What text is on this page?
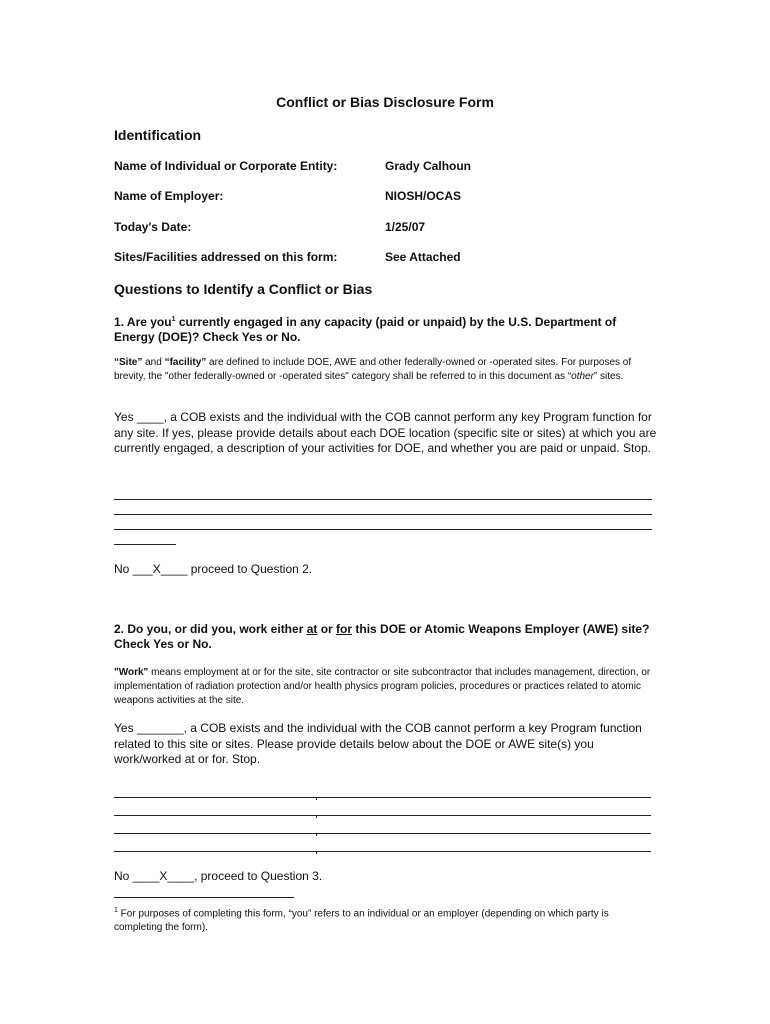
Conflict or Bias Disclosure Form
Identification
Name of Individual or Corporate Entity:	Grady Calhoun
Name of Employer:	NIOSH/OCAS
Today's Date:	1/25/07
Sites/Facilities addressed on this form:	See Attached
Questions to Identify a Conflict or Bias
1. Are you$^1$ currently engaged in any capacity (paid or unpaid) by the U.S. Department of Energy (DOE)? Check Yes or No.
“Site” and “facility” are defined to include DOE, AWE and other federally-owned or -operated sites. For purposes of brevity, the "other federally-owned or -operated sites" category shall be referred to in this document as “other” sites.
Yes ____, a COB exists and the individual with the COB cannot perform any key Program function for any site. If yes, please provide details about each DOE location (specific site or sites) at which you are currently engaged, a description of your activities for DOE, and whether you are paid or unpaid. Stop.
No ___X____ proceed to Question 2.
2. Do you, or did you, work either at or for this DOE or Atomic Weapons Employer (AWE) site? Check Yes or No.
"Work" means employment at or for the site, site contractor or site subcontractor that includes management, direction, or implementation of radiation protection and/or health physics program policies, procedures or practices related to atomic weapons activities at the site.
Yes _______, a COB exists and the individual with the COB cannot perform a key Program function related to this site or sites. Please provide details below about the DOE or AWE site(s) you work/worked at or for. Stop.
No ____X____, proceed to Question 3.
$^1$ For purposes of completing this form, “you” refers to an individual or an employer (depending on which party is completing the form).
